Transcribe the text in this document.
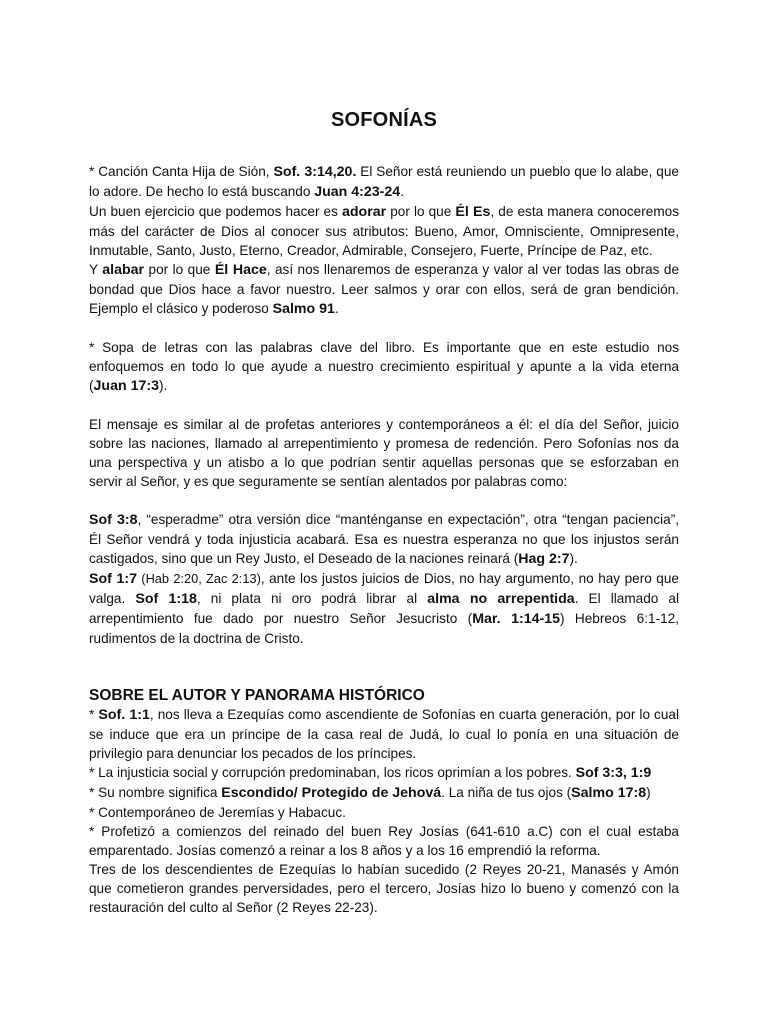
SOFONÍAS

* Canción Canta Hija de Sión, Sof. 3:14,20. El Señor está reuniendo un pueblo que lo alabe, que lo adore. De hecho lo está buscando Juan 4:23-24.

Un buen ejercicio que podemos hacer es adorar por lo que Él Es, de esta manera conoceremos más del carácter de Dios al conocer sus atributos: Bueno, Amor, Omnisciente, Omnipresente, Inmutable, Santo, Justo, Eterno, Creador, Admirable, Consejero, Fuerte, Príncipe de Paz, etc.

Y alabar por lo que Él Hace, así nos llenaremos de esperanza y valor al ver todas las obras de bondad que Dios hace a favor nuestro. Leer salmos y orar con ellos, será de gran bendición. Ejemplo el clásico y poderoso Salmo 91.

* Sopa de letras con las palabras clave del libro. Es importante que en este estudio nos enfoquemos en todo lo que ayude a nuestro crecimiento espiritual y apunte a la vida eterna (Juan 17:3).

El mensaje es similar al de profetas anteriores y contemporáneos a él: el día del Señor, juicio sobre las naciones, llamado al arrepentimiento y promesa de redención. Pero Sofonías nos da una perspectiva y un atisbo a lo que podrían sentir aquellas personas que se esforzaban en servir al Señor, y es que seguramente se sentían alentados por palabras como:

Sof 3:8, “esperadme” otra versión dice “manténganse en expectación”, otra “tengan paciencia”, Él Señor vendrá y toda injusticia acabará. Esa es nuestra esperanza no que los injustos serán castigados, sino que un Rey Justo, el Deseado de la naciones reinará (Hag 2:7).

Sof 1:7 (Hab 2:20, Zac 2:13), ante los justos juicios de Dios, no hay argumento, no hay pero que valga. Sof 1:18, ni plata ni oro podrá librar al alma no arrepentida. El llamado al arrepentimiento fue dado por nuestro Señor Jesucristo (Mar. 1:14-15) Hebreos 6:1-12, rudimentos de la doctrina de Cristo.

SOBRE EL AUTOR Y PANORAMA HISTÓRICO

* Sof. 1:1, nos lleva a Ezequías como ascendiente de Sofonías en cuarta generación, por lo cual se induce que era un príncipe de la casa real de Judá, lo cual lo ponía en una situación de privilegio para denunciar los pecados de los príncipes.

* La injusticia social y corrupción predominaban, los ricos oprimían a los pobres. Sof 3:3, 1:9

* Su nombre significa Escondido/ Protegido de Jehová. La niña de tus ojos (Salmo 17:8)

* Contemporáneo de Jeremías y Habacuc.

* Profetizó a comienzos del reinado del buen Rey Josías (641-610 a.C) con el cual estaba emparentado. Josías comenzó a reinar a los 8 años y a los 16 emprendió la reforma.

Tres de los descendientes de Ezequías lo habían sucedido (2 Reyes 20-21, Manasés y Amón que cometieron grandes perversidades, pero el tercero, Josías hizo lo bueno y comenzó con la restauración del culto al Señor (2 Reyes 22-23).
